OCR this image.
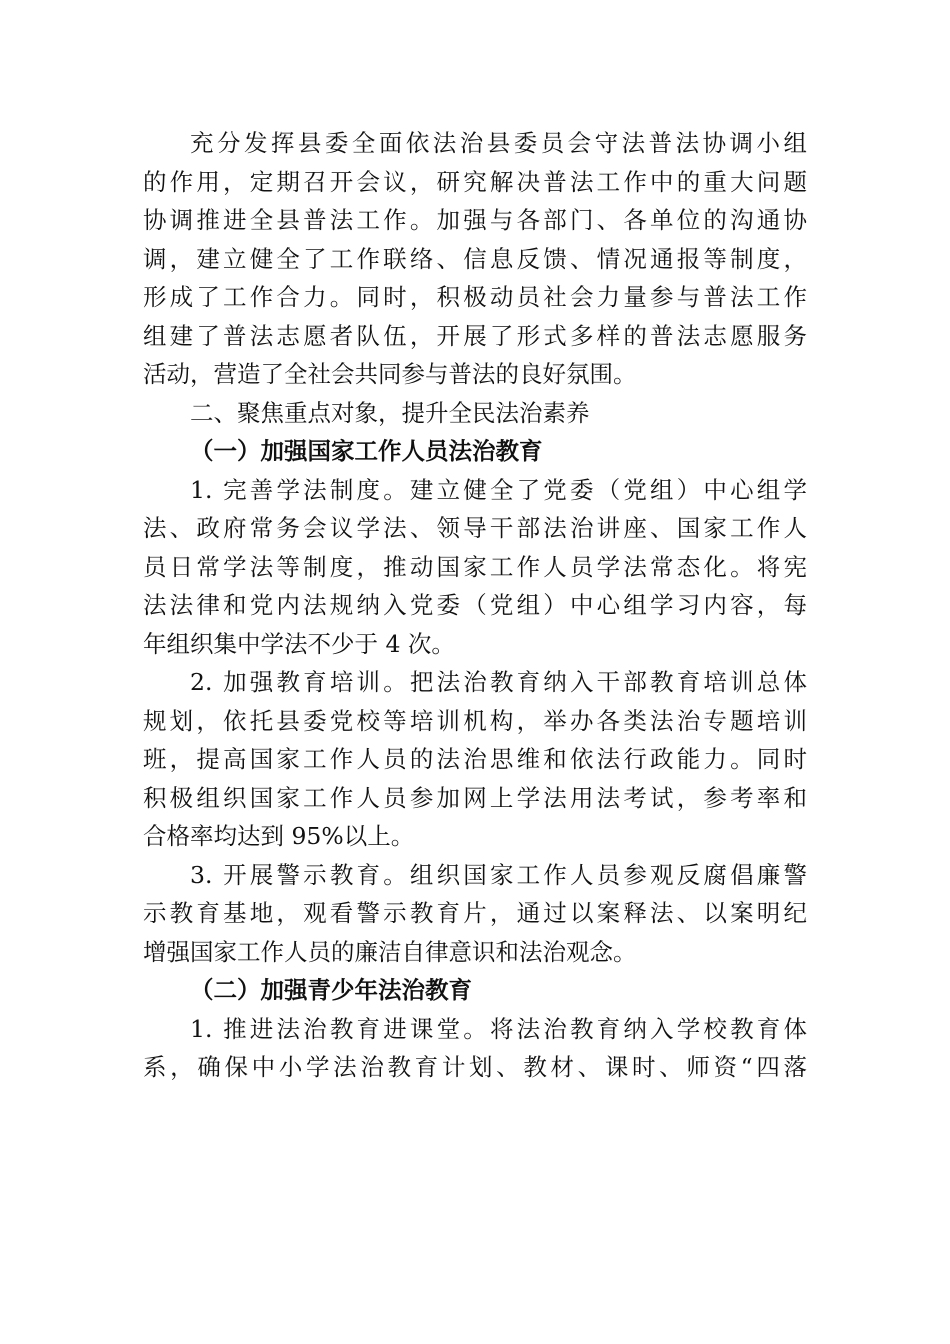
充分发挥县委全面依法治县委员会守法普法协调小组
的作用，定期召开会议，研究解决普法工作中的重大问题
协调推进全县普法工作。加强与各部门、各单位的沟通协
调，建立健全了工作联络、信息反馈、情况通报等制度，
形成了工作合力。同时，积极动员社会力量参与普法工作
组建了普法志愿者队伍，开展了形式多样的普法志愿服务
活动，营造了全社会共同参与普法的良好氛围。
二、聚焦重点对象，提升全民法治素养
（一）加强国家工作人员法治教育
1. 完善学法制度。建立健全了党委（党组）中心组学
法、政府常务会议学法、领导干部法治讲座、国家工作人
员日常学法等制度，推动国家工作人员学法常态化。将宪
法法律和党内法规纳入党委（党组）中心组学习内容，每
年组织集中学法不少于 4 次。
2. 加强教育培训。把法治教育纳入干部教育培训总体
规划，依托县委党校等培训机构，举办各类法治专题培训
班，提高国家工作人员的法治思维和依法行政能力。同时
积极组织国家工作人员参加网上学法用法考试，参考率和
合格率均达到 95%以上。
3. 开展警示教育。组织国家工作人员参观反腐倡廉警
示教育基地，观看警示教育片，通过以案释法、以案明纪
增强国家工作人员的廉洁自律意识和法治观念。
（二）加强青少年法治教育
1. 推进法治教育进课堂。将法治教育纳入学校教育体
系，确保中小学法治教育计划、教材、课时、师资“四落
